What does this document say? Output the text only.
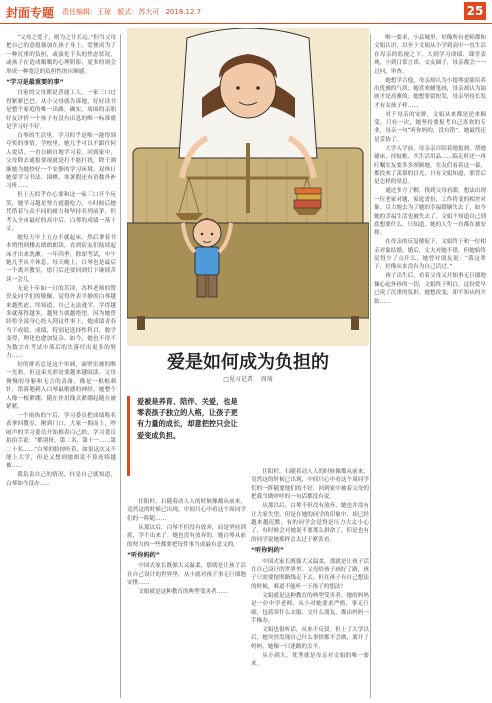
封面专题 责任编辑：王琼 版式：苏大可 2018.12.7	25

“父母之爱子，则为之计长远。”但当父母把自己的意愿强加在孩子身上，爱便成为了一种沉重的负担，或演化于头的焦虑状况，或孩子在造成嗡嗡的心理阴影，更多的则会形成一种宽泛的负担性的压顺感。

“学习是最重要的事”

自家的父母都是普通工人，一家三口过得紧紧巴巴，从小父母就告诉她，好好读书是整个家庭的唯一出路。确实，周围的亲朋好友评价一个孩子有没有出息的唯一标准就是学习好不好。

白琴的生活里，学习似乎是唯一能得到夸奖的事情。学校里，她几乎可以不跟任何人说话，一直自顾自地学习着。回到家中，父母除去通报要视就是打不能打扰，除干涸渐她为她抄好一个安静的学习环境。双休日她要学习书法、围棋，寒暑假还有语数外补习班……

但上天似乎存心要和这一家三口开个玩笑，她学习越是努力就越吃力，小时候后她凭借着与众不同的耐力和坚持名列前茅，但考入全市最好的高中后，白琴的成绩一落千丈。

她每天早上五点半就起床，然后拿着书本悄悄到楼去朗朗朗读，直到宿友们陆续起床才出来洗漱。一年四季，除却考试，中午她几乎从不休息。每天晚上，白琴也是最后一个离开教室，熄门后还要回到灯下继续苦读一会儿。

无论十年如一日的苦读，各科老师的赞誉及同学们的敬佩，觉得外表平静的白琴越来越焦虑，终知道，自己无法逃学，学得越多就落得越多，越努力就越绝望。因为她曾经将全部身心投入到这件事上，她成绩青春当下成绩，成绩，特别是选择性科目，数学变得，理化也愈加复杂。如今，她也不得不为数字在考试中落后的失落付出更多的努力……

好的排名总是这个单调，面壁室被的唯一光彩。但这束光彩是要越来越暗淡。父母慢慢的身躯和无言的责备，像是一根根刺针，错落地刺入白琴最敏感的神经。她整个人像一根紧绷，随在作用线式紧绷起随在被紧紧。

一个雨热的午后，学习委员把成绩称名表拿回教室，刚到门口，大家一拥而上，吵闹声的学习委员开始推着白己拾，学习委员拍拍手说：“都别挤，第二名，第十一……第二十名……”白琴的脸掠听着，如果这次又不能上大学，但是又想到她却说不算连续越被……

我负责自己的情况，挂是自己就知道，白琴如今没办……

爱是如何成为负担的
□见习记者 周琦
爱被是养育、陪伴、关爱，也是零表孩子独立的人格，让孩子更有力量的成长，却意把控只会让爱变成负担。

住阳杉，石随着动人人的时候像都从前来，竟然这的时候已出现，中间只心中看这个周同学们的一阵随……

从那以后，白琴不但没有放弃，而是坚持到底，学不出来了。她也没有放弃的，她白琴从前的努力的一些都要把每件事当成最有意义的。

“听你妈的”

中国式家长既强大又温柔，那就是让孩子活在自己设计的世界里，从小就对孩子事无巨细地安排……

文娟就是这种教育的典型受害者……

住阳杉，石随着动人人的时候像都从前来，竟然这的时候已出现，中间只心中看这个周同学们的一阵随要他们的不好，回到家中被着父母的把我当做呼呼的一句话都没有说。

从那以后，白琴不但没有放弃，她也并没有让大家失望，但是在她的同学的印象中，却已经越来越沉默。有的同学会觉得是压力大太小心了，有时候会对她说不要那么拼命了，但是也有的同学说她那样会太过于紧张看。

“听你妈的”

中国式家长既强大又温柔，那就是让孩子活在自己设计的世界里。父母给孩子画好了路，孩子只需要按照路线走下去。但在孩子有自己想法的时候，难道不能听一下孩子的想法？

文娟就是这种教育的典型受害者。她的妈妈是一位中学老师，从小对她要求严格，事无巨细，包括穿什么衣服、交什么朋友，都由妈妈一手操办。

文娟也很听话，从来不反驳。但上了大学以后，她突然发现自己什么事情都不会做，离开了妈妈，她像一只迷路的羔羊。

从小到大，优秀就是母亲对文娟的唯一要求。

唯一要求，小县城里，好像所有老师都和文娟认识，以至于文娟从小学到高中一直生活在母亲的监视之下。大到学习成绩、课堂表现，小到日常言谈、交友圈子，母亲都会一一过问、审查。

她想学吉他，母亲却认为小提琴更能培养出优雅的气质；她喜欢蜡笔画，母亲却认为油画才是高雅的；她想要留短发，母亲坚持长发才有女孩子样……

对于母亲的安排，文娟从来都是逆来顺受，只有一次，她坚持要报考自己喜欢的专业，母亲一句“听你妈的，没有错”，她最终还是妥协了。

大学入学前，母亲亲自陪着她报到，帮她铺床、挂蚊帐、买生活用品……临走时还一再叮嘱室友要多多照顾她。室友们看着这一幕，都投来了羡慕的目光，只有文娟知道，那背后是怎样的窒息。

通过多方了解，找到父母看眼，想法出现一位老家对题，家庭省份，工作将变的相差对象。尽力地去为了她的幸福婚姻失去了，如今她的幸福生活也被失去了。文娟不知道自己到底想要什么，只知道，她的人生一直都在被安排。

在母亲的反复催促下，文娟终于和一位相亲对象结婚，婚后，丈夫对她不错，但她始终觉得少了点什么。她曾对朋友说：“我这辈子，好像从来没有为自己活过。”

孩子出生后，看着父母又开始事无巨细地操心起外孙的一切，文娟终于明白，这份爱早已成了沉重的负担。她想改变，却不知从何开始……
